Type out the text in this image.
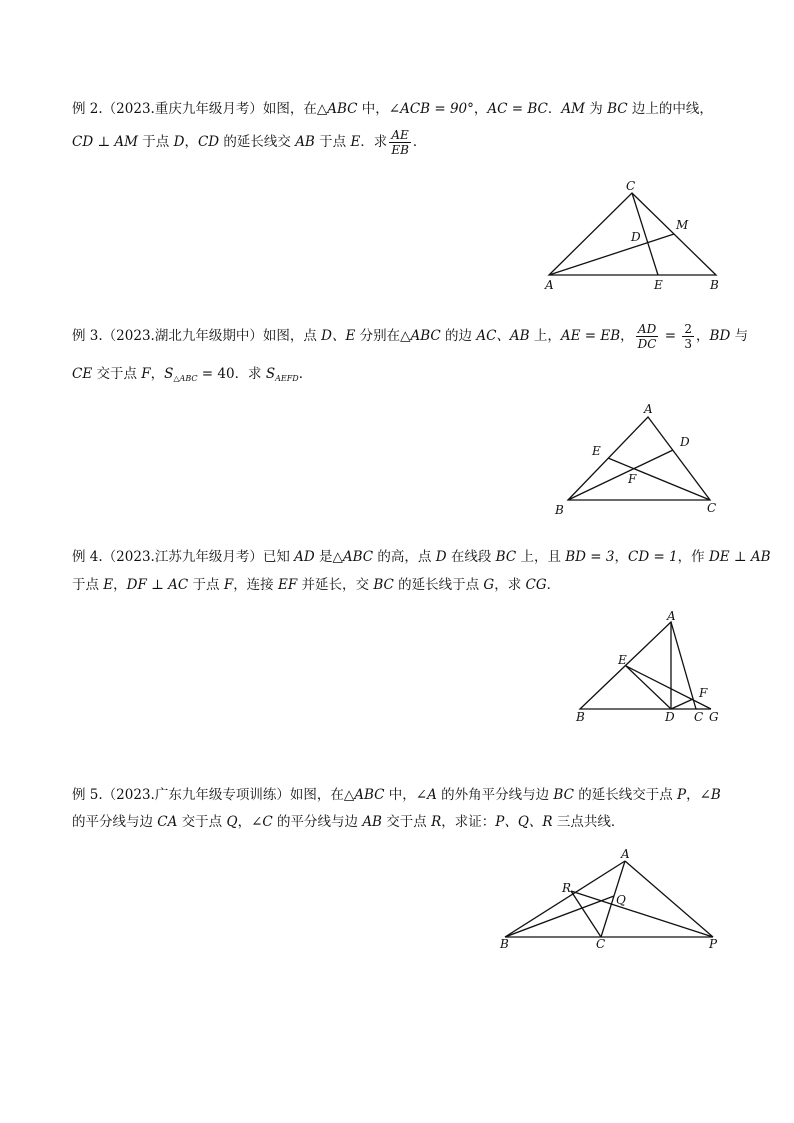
例 2.（2023.重庆九年级月考）如图，在△ABC 中，∠ACB = 90°，AC = BC．AM 为 BC 边上的中线，
CD ⊥ AM 于点 D，CD 的延长线交 AB 于点 E．求 $\frac{AE}{EB}$ ．
C
M
D
A	E	B
例 3.（2023.湖北九年级期中）如图，点 D、E 分别在△ABC 的边 AC、AB 上，AE = EB， $\frac{AD}{DC} = \frac{2}{3}$ ，BD 与
CE 交于点 F，$S_{\triangle ABC} = 40$．求 $S_{AEFD}$．
A
D
E
F
B	C
例 4.（2023.江苏九年级月考）已知 AD 是△ABC 的高，点 D 在线段 BC 上，且 BD = 3，CD = 1，作 DE ⊥ AB
于点 E，DF ⊥ AC 于点 F，连接 EF 并延长，交 BC 的延长线于点 G，求 CG．
A
E
F
B	D C G
例 5.（2023.广东九年级专项训练）如图，在△ABC 中，∠A 的外角平分线与边 BC 的延长线交于点 P，∠B
的平分线与边 CA 交于点 Q，∠C 的平分线与边 AB 交于点 R，求证：P、Q、R 三点共线．
A
R
Q
B	C	P
